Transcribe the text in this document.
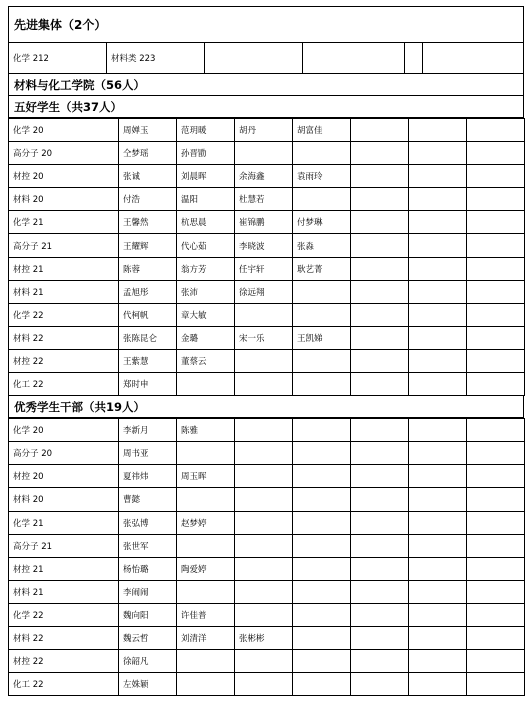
先进集体（2个）
化学 212	材料类 223
材料与化工学院（56人）
五好学生（共37人）
化学 20	周婵玉	范玥暖	胡丹	胡富佳			
高分子 20	仝梦瑶	孙晋勖					
材控 20	张诚	刘晨晖	余海鑫	袁雨玲			
材料 20	付浩	温阳	杜慧若				
化学 21	王馨然	杭思晨	崔锦鹏	付梦琳			
高分子 21	王耀辉	代心茹	李晓波	张淼			
材控 21	陈蓉	翁方芳	任宇轩	耿艺菁			
材料 21	孟旭彤	张沛	徐远翔				
化学 22	代柯帆	章大敏					
材料 22	张陈昆仑	金璐	宋一乐	王凯娣			
材控 22	王紫慧	董蔡云					
化工 22	郑时申						
优秀学生干部（共19人）
化学 20	李新月	陈雅					
高分子 20	周书亚						
材控 20	夏祎炜	周玉晖					
材料 20	曹懿						
化学 21	张弘博	赵梦婷					
高分子 21	张世军						
材控 21	杨怡璐	陶爱婷					
材料 21	李闹闹						
化学 22	魏向阳	许佳普					
材料 22	魏云哲	刘清洋	张彬彬				
材控 22	徐韶凡						
化工 22	左姝颖						
